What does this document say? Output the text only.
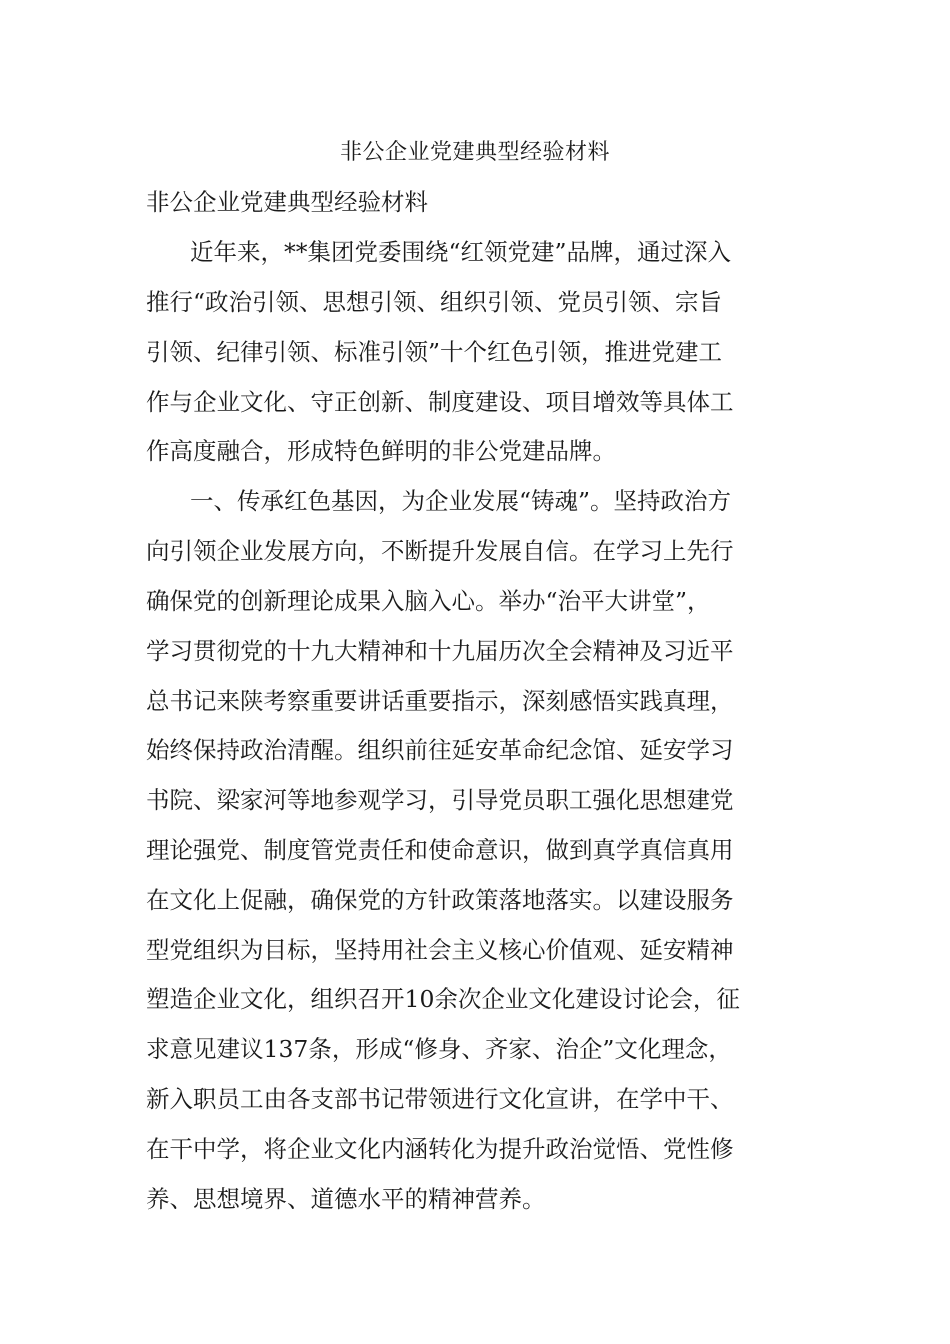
非公企业党建典型经验材料
非公企业党建典型经验材料
近年来，**集团党委围绕“红领党建”品牌，通过深入
推行“政治引领、思想引领、组织引领、党员引领、宗旨
引领、纪律引领、标准引领”十个红色引领，推进党建工
作与企业文化、守正创新、制度建设、项目增效等具体工
作高度融合，形成特色鲜明的非公党建品牌。
一、传承红色基因，为企业发展“铸魂”。坚持政治方
向引领企业发展方向，不断提升发展自信。在学习上先行
确保党的创新理论成果入脑入心。举办“治平大讲堂”，
学习贯彻党的十九大精神和十九届历次全会精神及习近平
总书记来陕考察重要讲话重要指示，深刻感悟实践真理，
始终保持政治清醒。组织前往延安革命纪念馆、延安学习
书院、梁家河等地参观学习，引导党员职工强化思想建党
理论强党、制度管党责任和使命意识，做到真学真信真用
在文化上促融，确保党的方针政策落地落实。以建设服务
型党组织为目标，坚持用社会主义核心价值观、延安精神
塑造企业文化，组织召开10余次企业文化建设讨论会，征
求意见建议137条，形成“修身、齐家、治企”文化理念，
新入职员工由各支部书记带领进行文化宣讲，在学中干、
在干中学，将企业文化内涵转化为提升政治觉悟、党性修
养、思想境界、道德水平的精神营养。
